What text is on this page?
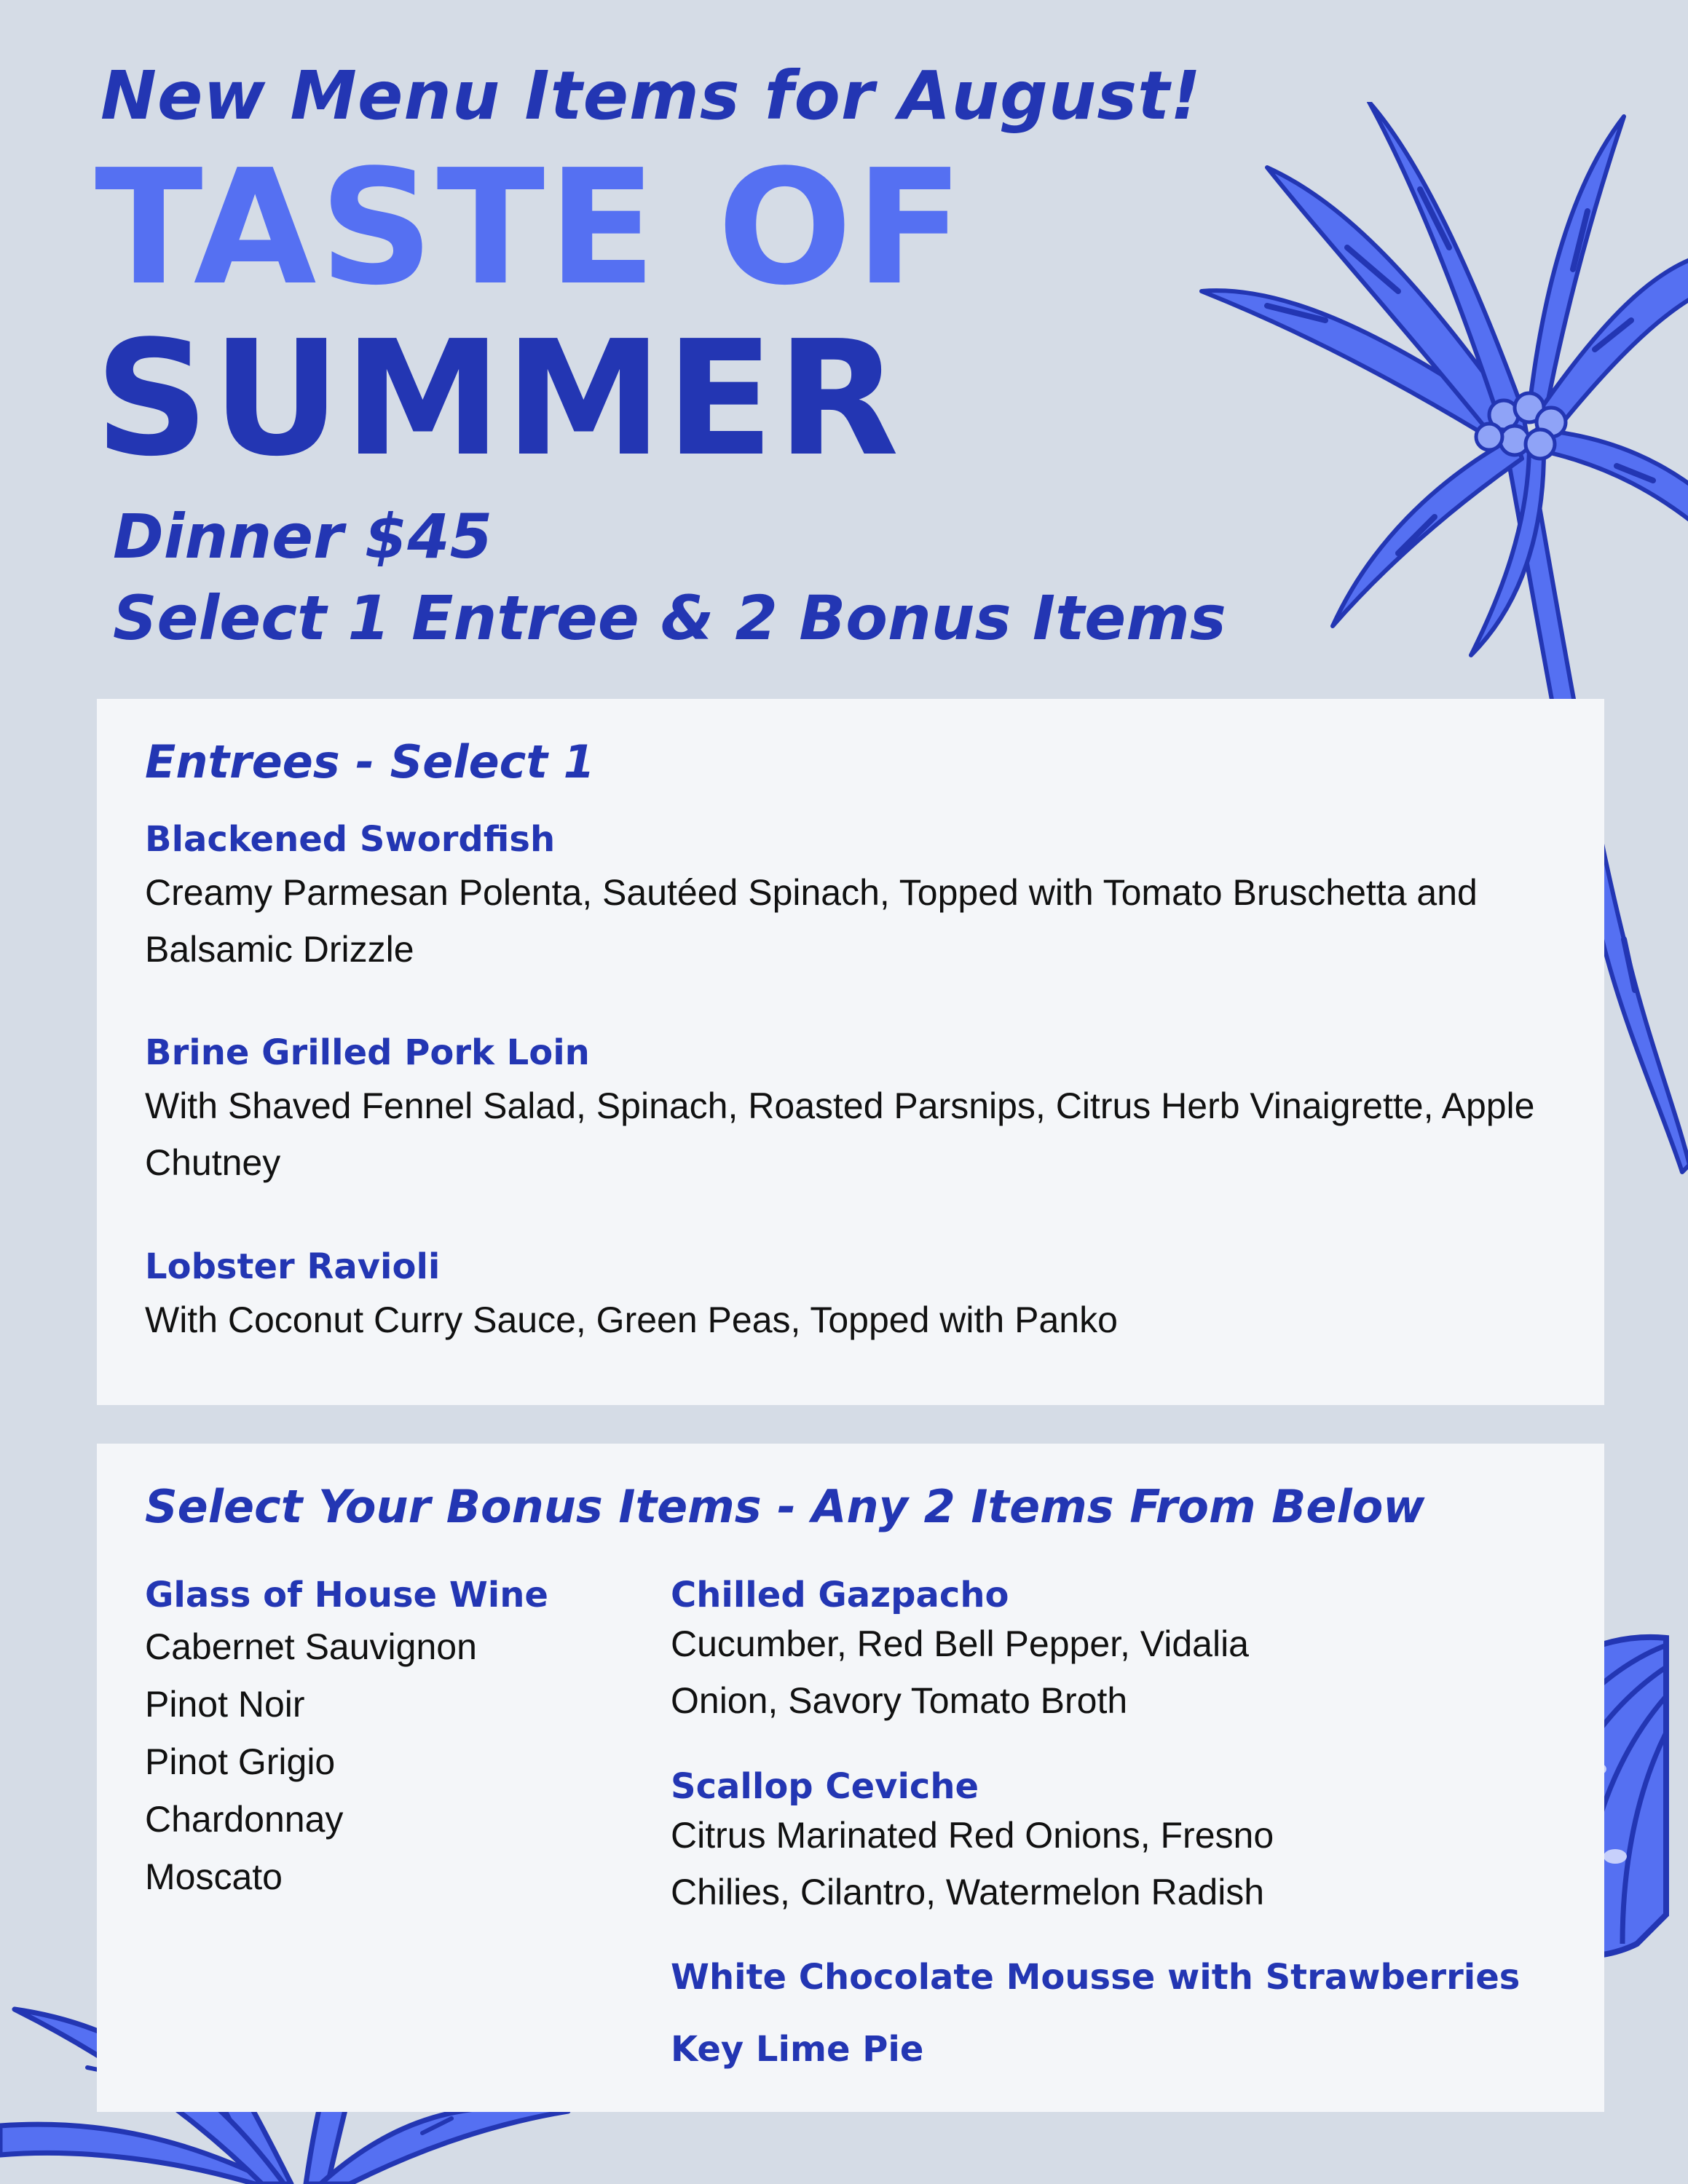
New Menu Items for August!
TASTE OF
SUMMER

Dinner $45

Select 1 Entree & 2 Bonus Items

Entrees - Select 1

Blackened Swordfish

Creamy Parmesan Polenta, Sautéed Spinach, Topped with Tomato Bruschetta and Balsamic Drizzle

Brine Grilled Pork Loin

With Shaved Fennel Salad, Spinach, Roasted Parsnips, Citrus Herb Vinaigrette, Apple Chutney

Lobster Ravioli

With Coconut Curry Sauce, Green Peas, Topped with Panko

Select Your Bonus Items - Any 2 Items From Below

Glass of House Wine

Cabernet Sauvignon

Pinot Noir

Pinot Grigio

Chardonnay

Moscato

Chilled Gazpacho

Cucumber, Red Bell Pepper, Vidalia Onion, Savory Tomato Broth

Scallop Ceviche

Citrus Marinated Red Onions, Fresno Chilies, Cilantro, Watermelon Radish

White Chocolate Mousse with Strawberries

Key Lime Pie
